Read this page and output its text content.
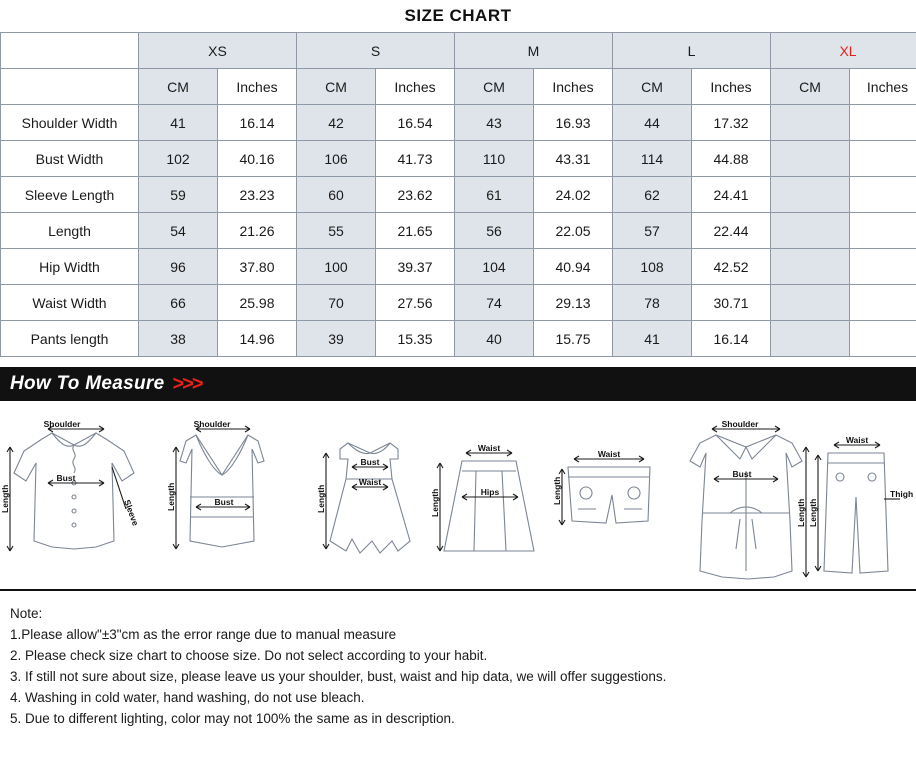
SIZE CHART
	XS		S		M		L		XL	
	CM	Inches	CM	Inches	CM	Inches	CM	Inches	CM	Inches
Shoulder Width	41	16.14	42	16.54	43	16.93	44	17.32		
Bust Width	102	40.16	106	41.73	110	43.31	114	44.88		
Sleeve Length	59	23.23	60	23.62	61	24.02	62	24.41		
Length	54	21.26	55	21.65	56	22.05	57	22.44		
Hip Width	96	37.80	100	39.37	104	40.94	108	42.52		
Waist Width	66	25.98	70	27.56	74	29.13	78	30.71		
Pants length	38	14.96	39	15.35	40	15.75	41	16.14		
How To Measure >>>
Shoulder
Bust
Sleeve
Length
Shoulder
Bust
Length
Bust
Waist
Length
Waist
Hips
Length
Waist
Length
Shoulder
Bust
Length
Waist
Thigh
Length
Note:
1.Please allow"±3"cm as the error range due to manual measure
2. Please check size chart to choose size. Do not select according to your habit.
3. If still not sure about size, please leave us your shoulder, bust, waist and hip data, we will offer suggestions.
4. Washing in cold water, hand washing, do not use bleach.
5. Due to different lighting, color may not 100% the same as in description.
